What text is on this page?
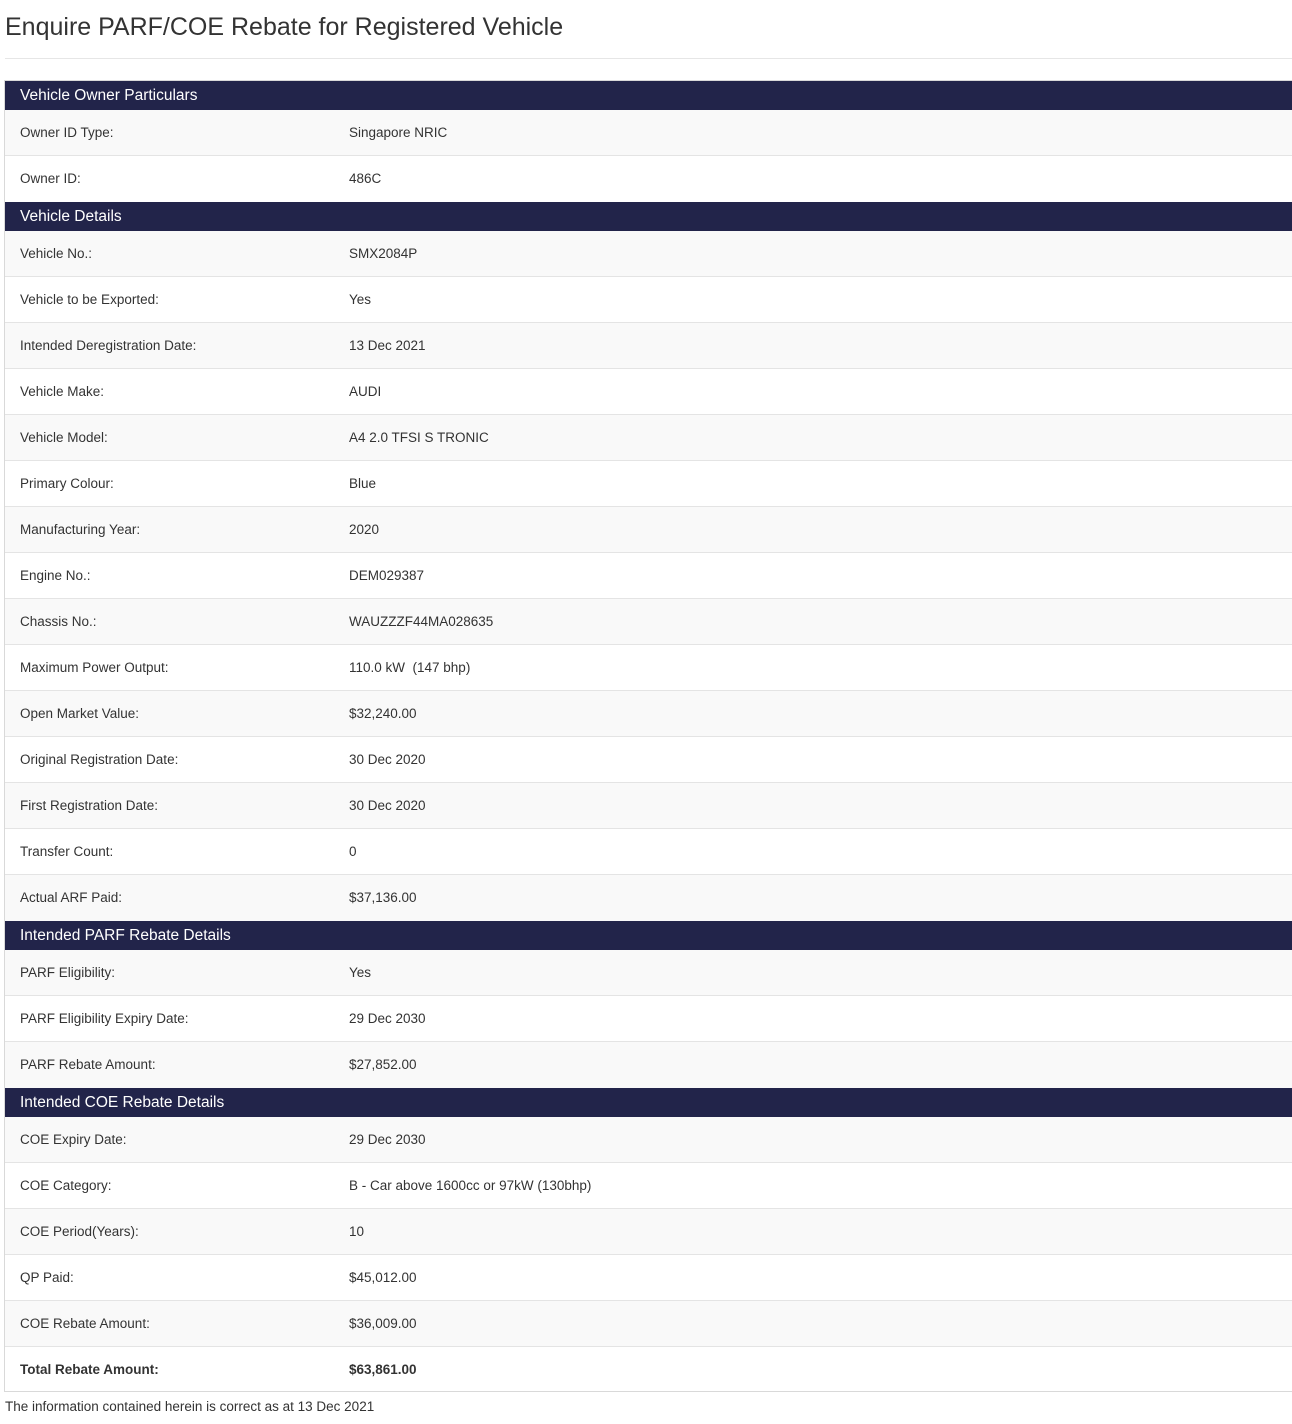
Enquire PARF/COE Rebate for Registered Vehicle
Vehicle Owner Particulars
Owner ID Type:	Singapore NRIC
Owner ID:	486C
Vehicle Details
Vehicle No.:	SMX2084P
Vehicle to be Exported:	Yes
Intended Deregistration Date:	13 Dec 2021
Vehicle Make:	AUDI
Vehicle Model:	A4 2.0 TFSI S TRONIC
Primary Colour:	Blue
Manufacturing Year:	2020
Engine No.:	DEM029387
Chassis No.:	WAUZZZF44MA028635
Maximum Power Output:	110.0 kW  (147 bhp)
Open Market Value:	$32,240.00
Original Registration Date:	30 Dec 2020
First Registration Date:	30 Dec 2020
Transfer Count:	0
Actual ARF Paid:	$37,136.00
Intended PARF Rebate Details
PARF Eligibility:	Yes
PARF Eligibility Expiry Date:	29 Dec 2030
PARF Rebate Amount:	$27,852.00
Intended COE Rebate Details
COE Expiry Date:	29 Dec 2030
COE Category:	B - Car above 1600cc or 97kW (130bhp)
COE Period(Years):	10
QP Paid:	$45,012.00
COE Rebate Amount:	$36,009.00
Total Rebate Amount:	$63,861.00
The information contained herein is correct as at 13 Dec 2021
